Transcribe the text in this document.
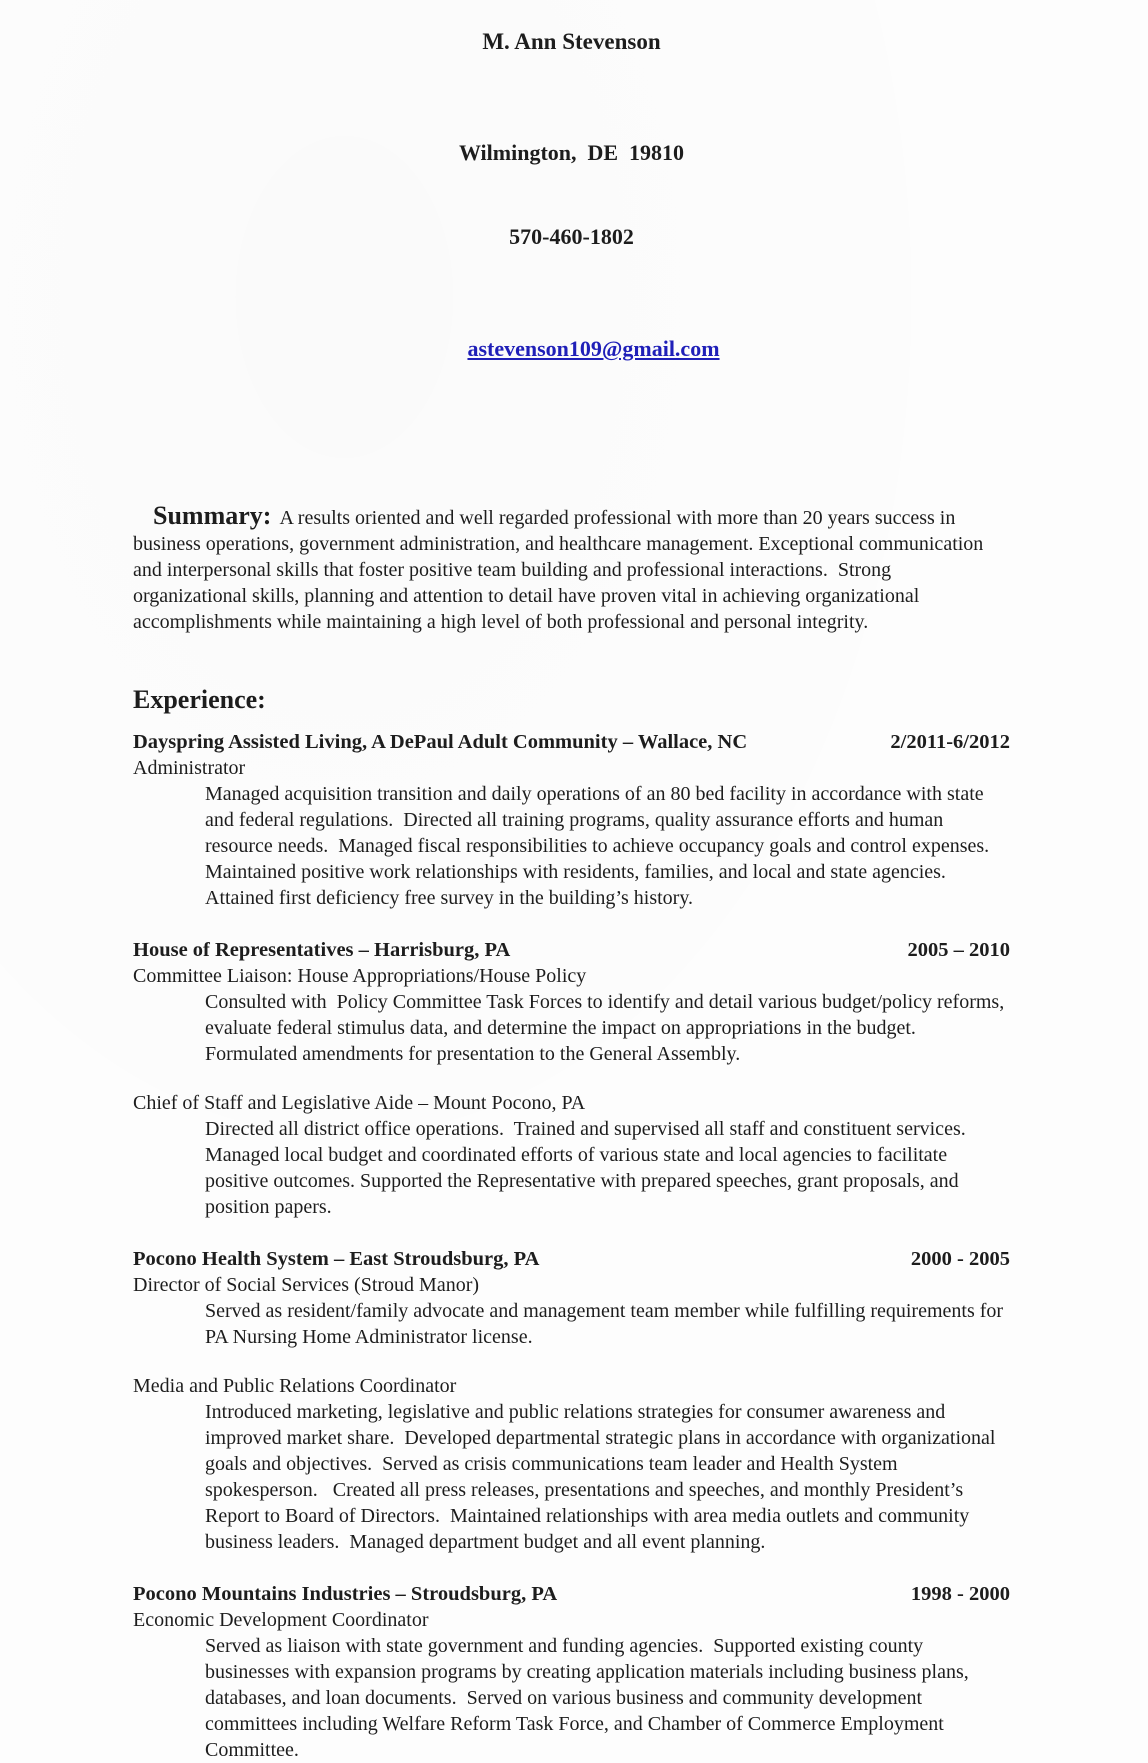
M. Ann Stevenson

Wilmington,  DE  19810

570-460-1802

astevenson109@gmail.com

Summary: A results oriented and well regarded professional with more than 20 years success in business operations, government administration, and healthcare management. Exceptional communication and interpersonal skills that foster positive team building and professional interactions.  Strong organizational skills, planning and attention to detail have proven vital in achieving organizational accomplishments while maintaining a high level of both professional and personal integrity.

Experience:
Dayspring Assisted Living, A DePaul Adult Community – Wallace, NC	2/2011-6/2012
Administrator

Managed acquisition transition and daily operations of an 80 bed facility in accordance with state and federal regulations.  Directed all training programs, quality assurance efforts and human resource needs.  Managed fiscal responsibilities to achieve occupancy goals and control expenses.  Maintained positive work relationships with residents, families, and local and state agencies. Attained first deficiency free survey in the building’s history.

House of Representatives – Harrisburg, PA	2005 – 2010
Committee Liaison: House Appropriations/House Policy

Consulted with  Policy Committee Task Forces to identify and detail various budget/policy reforms, evaluate federal stimulus data, and determine the impact on appropriations in the budget. Formulated amendments for presentation to the General Assembly.

Chief of Staff and Legislative Aide – Mount Pocono, PA

Directed all district office operations.  Trained and supervised all staff and constituent services. Managed local budget and coordinated efforts of various state and local agencies to facilitate positive outcomes. Supported the Representative with prepared speeches, grant proposals, and position papers.

Pocono Health System – East Stroudsburg, PA	2000 - 2005
Director of Social Services (Stroud Manor)

Served as resident/family advocate and management team member while fulfilling requirements for PA Nursing Home Administrator license.

Media and Public Relations Coordinator

Introduced marketing, legislative and public relations strategies for consumer awareness and improved market share.  Developed departmental strategic plans in accordance with organizational goals and objectives.  Served as crisis communications team leader and Health System spokesperson.   Created all press releases, presentations and speeches, and monthly President’s Report to Board of Directors.  Maintained relationships with area media outlets and community business leaders.  Managed department budget and all event planning.

Pocono Mountains Industries – Stroudsburg, PA	1998 - 2000
Economic Development Coordinator

Served as liaison with state government and funding agencies.  Supported existing county businesses with expansion programs by creating application materials including business plans, databases, and loan documents.  Served on various business and community development committees including Welfare Reform Task Force, and Chamber of Commerce Employment Committee.
